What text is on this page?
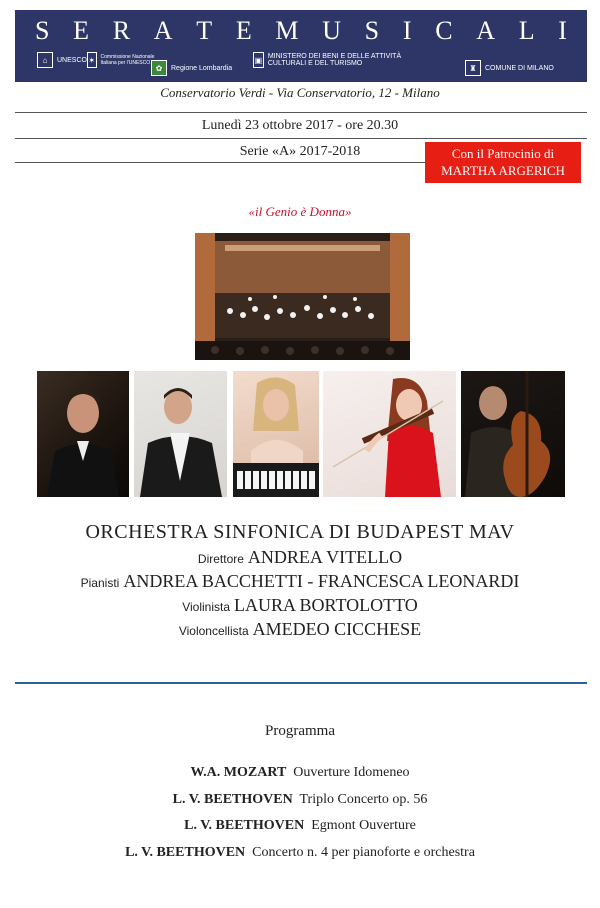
S E R A T E M U S I C A L I
⌂	UNESCO ✶ Commissione Nazionale Italiana per l'UNESCO
✿	Regione Lombardia
▣ MINISTERO DEI BENI E DELLE ATTIVITÀ CULTURALI E DEL TURISMO	♜	COMUNE DI MILANO
Conservatorio Verdi - Via Conservatorio, 12 - Milano
Lunedì 23 ottobre 2017 - ore 20.30
Serie «A» 2017-2018	Con il Patrocinio di
MARTHA ARGERICH
«il Genio è Donna»
ORCHESTRA SINFONICA DI BUDAPEST MAV
Direttore ANDREA VITELLO
Pianisti ANDREA BACCHETTI - FRANCESCA LEONARDI
Violinista LAURA BORTOLOTTO
Violoncellista AMEDEO CICCHESE
Programma
W.A. MOZART Ouverture Idomeneo
L. V. BEETHOVEN Triplo Concerto op. 56
L. V. BEETHOVEN Egmont Ouverture
L. V. BEETHOVEN Concerto n. 4 per pianoforte e orchestra
